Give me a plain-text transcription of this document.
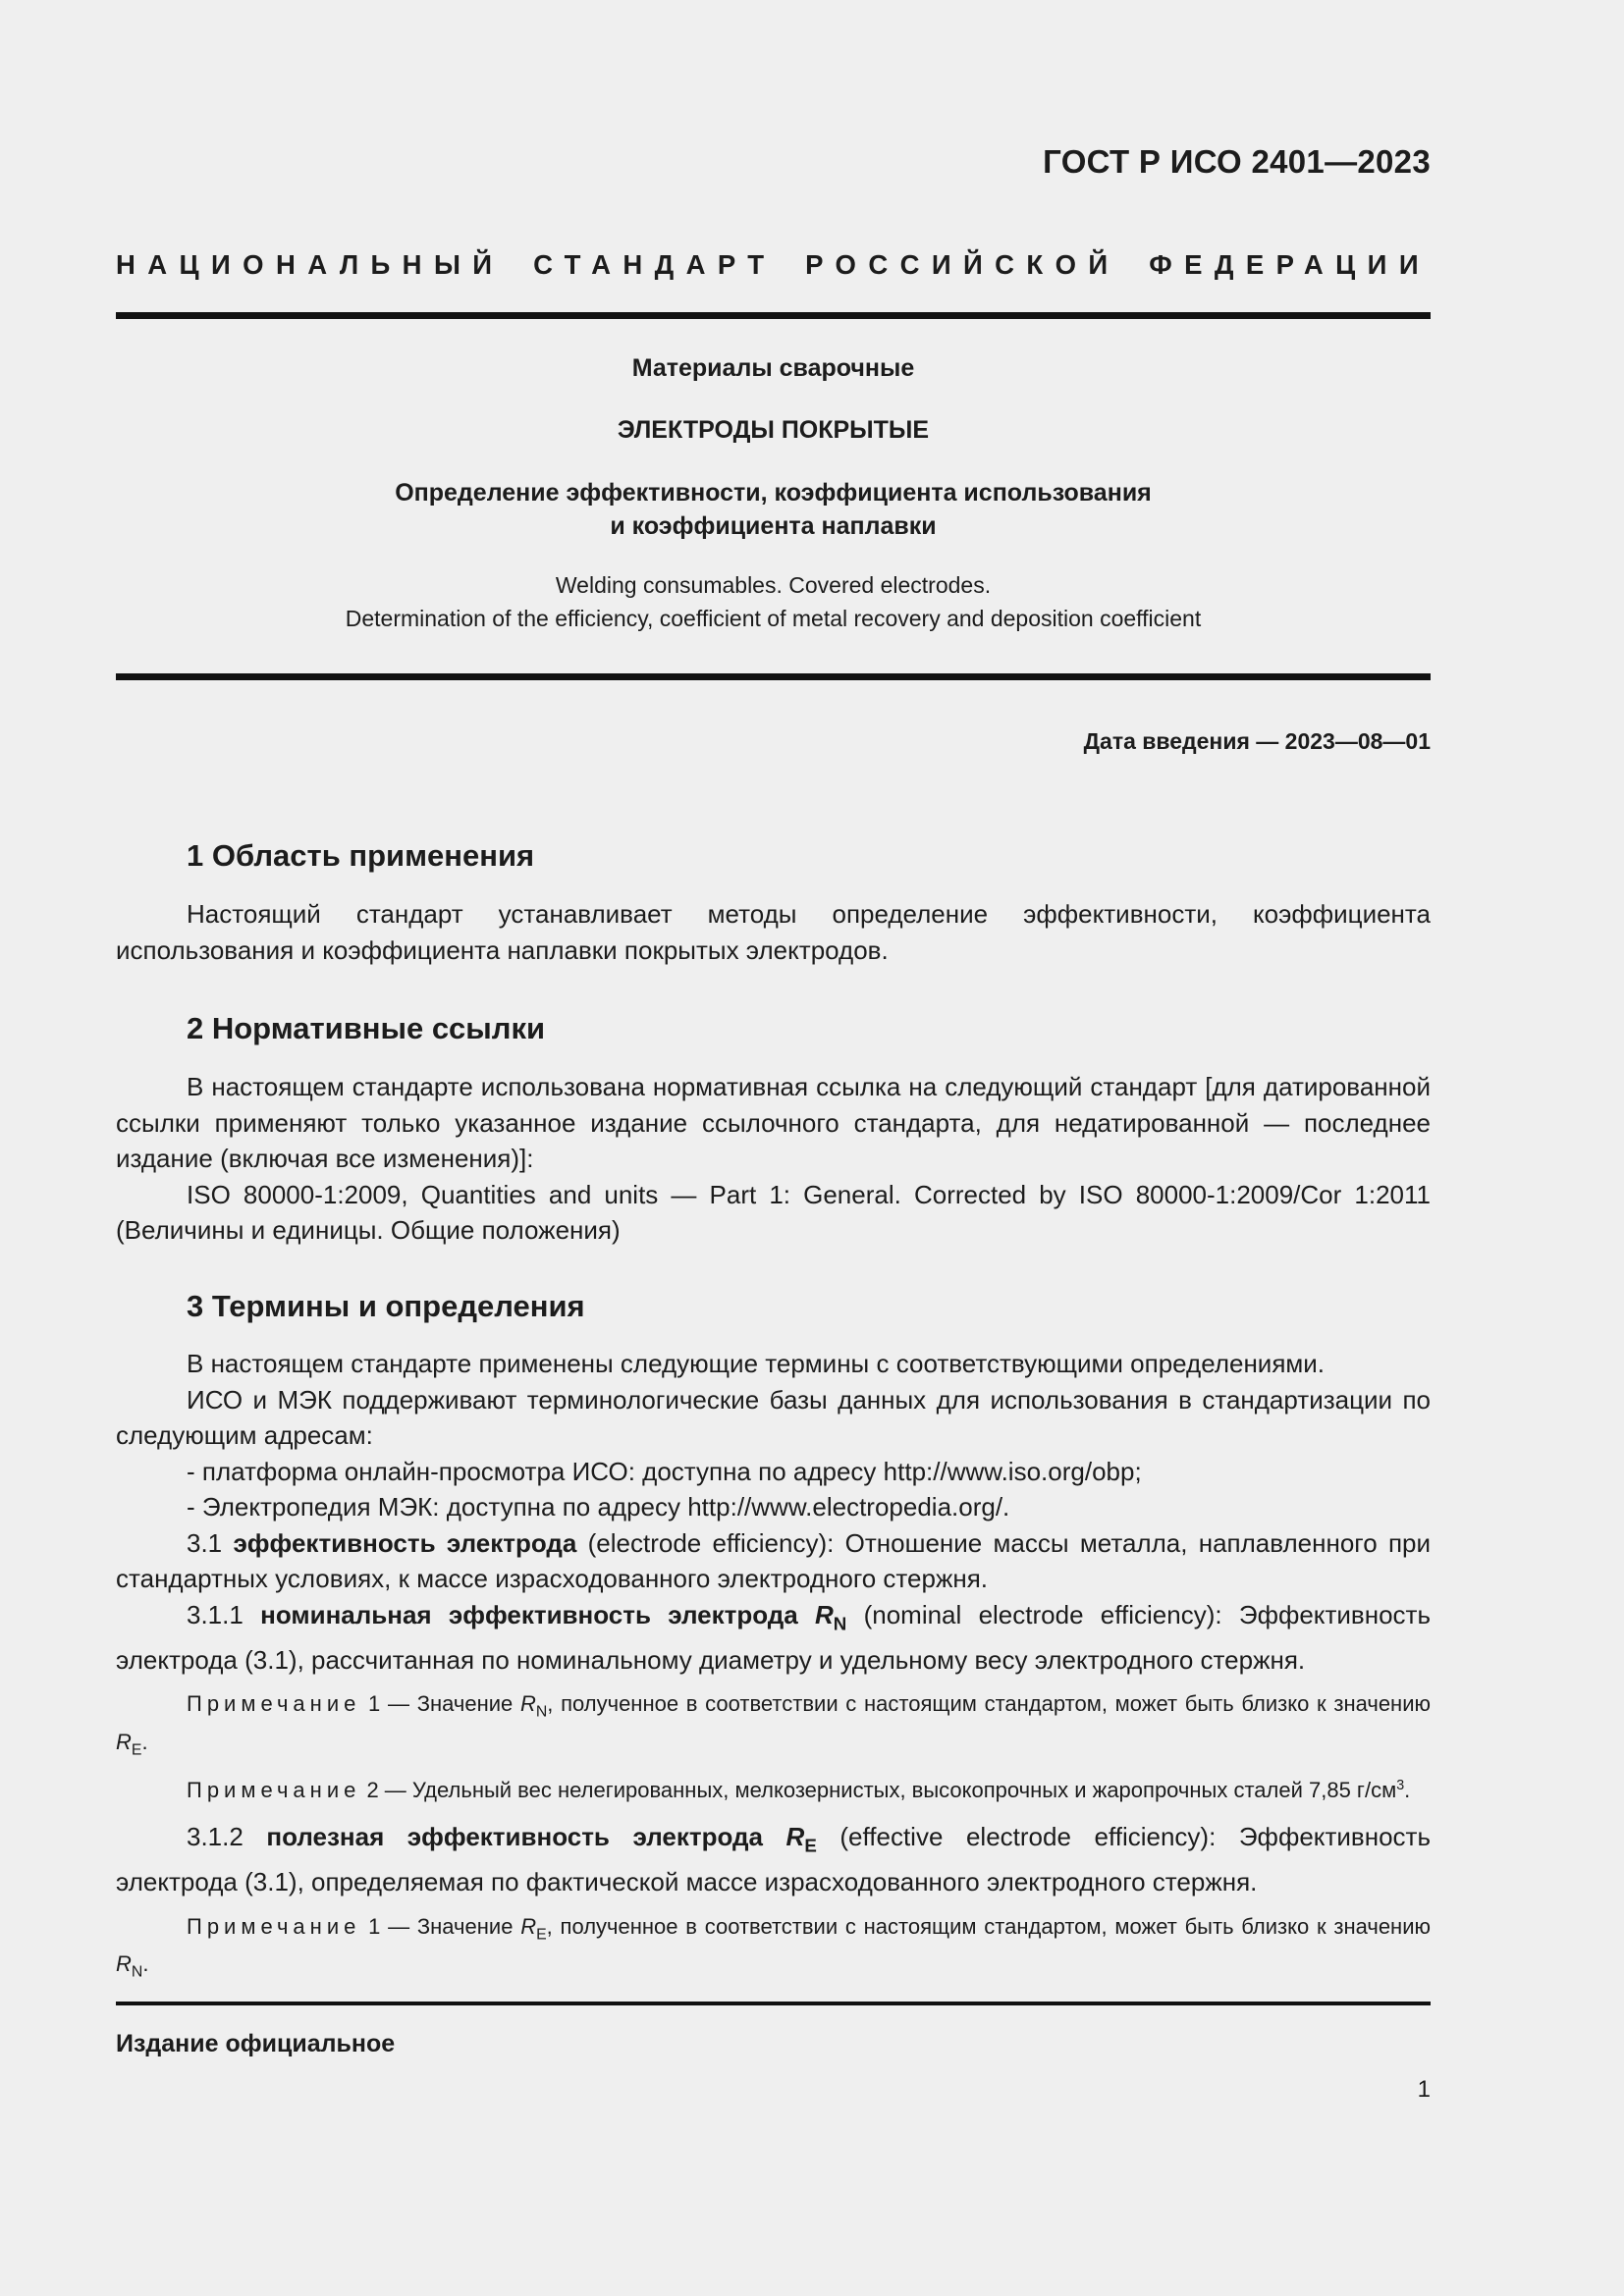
ГОСТ Р ИСО 2401—2023
НАЦИОНАЛЬНЫЙ СТАНДАРТ РОССИЙСКОЙ ФЕДЕРАЦИИ

Материалы сварочные

ЭЛЕКТРОДЫ ПОКРЫТЫЕ

Определение эффективности, коэффициента использования
и коэффициента наплавки

Welding consumables. Covered electrodes.
Determination of the efficiency, coefficient of metal recovery and deposition coefficient

Дата введения — 2023—08—01
1 Область применения

Настоящий стандарт устанавливает методы определение эффективности, коэффициента использования и коэффициента наплавки покрытых электродов.

2 Нормативные ссылки

В настоящем стандарте использована нормативная ссылка на следующий стандарт [для датированной ссылки применяют только указанное издание ссылочного стандарта, для недатированной — последнее издание (включая все изменения)]:

ISO 80000-1:2009, Quantities and units — Part 1: General. Corrected by ISO 80000-1:2009/Cor 1:2011 (Величины и единицы. Общие положения)

3 Термины и определения

В настоящем стандарте применены следующие термины с соответствующими определениями.

ИСО и МЭК поддерживают терминологические базы данных для использования в стандартизации по следующим адресам:

- платформа онлайн-просмотра ИСО: доступна по адресу http://www.iso.org/obp;

- Электропедия МЭК: доступна по адресу http://www.electropedia.org/.

3.1 эффективность электрода (electrode efficiency): Отношение массы металла, наплавленного при стандартных условиях, к массе израсходованного электродного стержня.

3.1.1 номинальная эффективность электрода $R_N$ (nominal electrode efficiency): Эффективность электрода (3.1), рассчитанная по номинальному диаметру и удельному весу электродного стержня.

Примечание 1 — Значение $R_N$, полученное в соответствии с настоящим стандартом, может быть близко к значению $R_E$.

Примечание 2 — Удельный вес нелегированных, мелкозернистых, высокопрочных и жаропрочных сталей 7,85 $г/см^3$.

3.1.2 полезная эффективность электрода $R_E$ (effective electrode efficiency): Эффективность электрода (3.1), определяемая по фактической массе израсходованного электродного стержня.

Примечание 1 — Значение $R_E$, полученное в соответствии с настоящим стандартом, может быть близко к значению $R_N$.

Издание официальное
1
